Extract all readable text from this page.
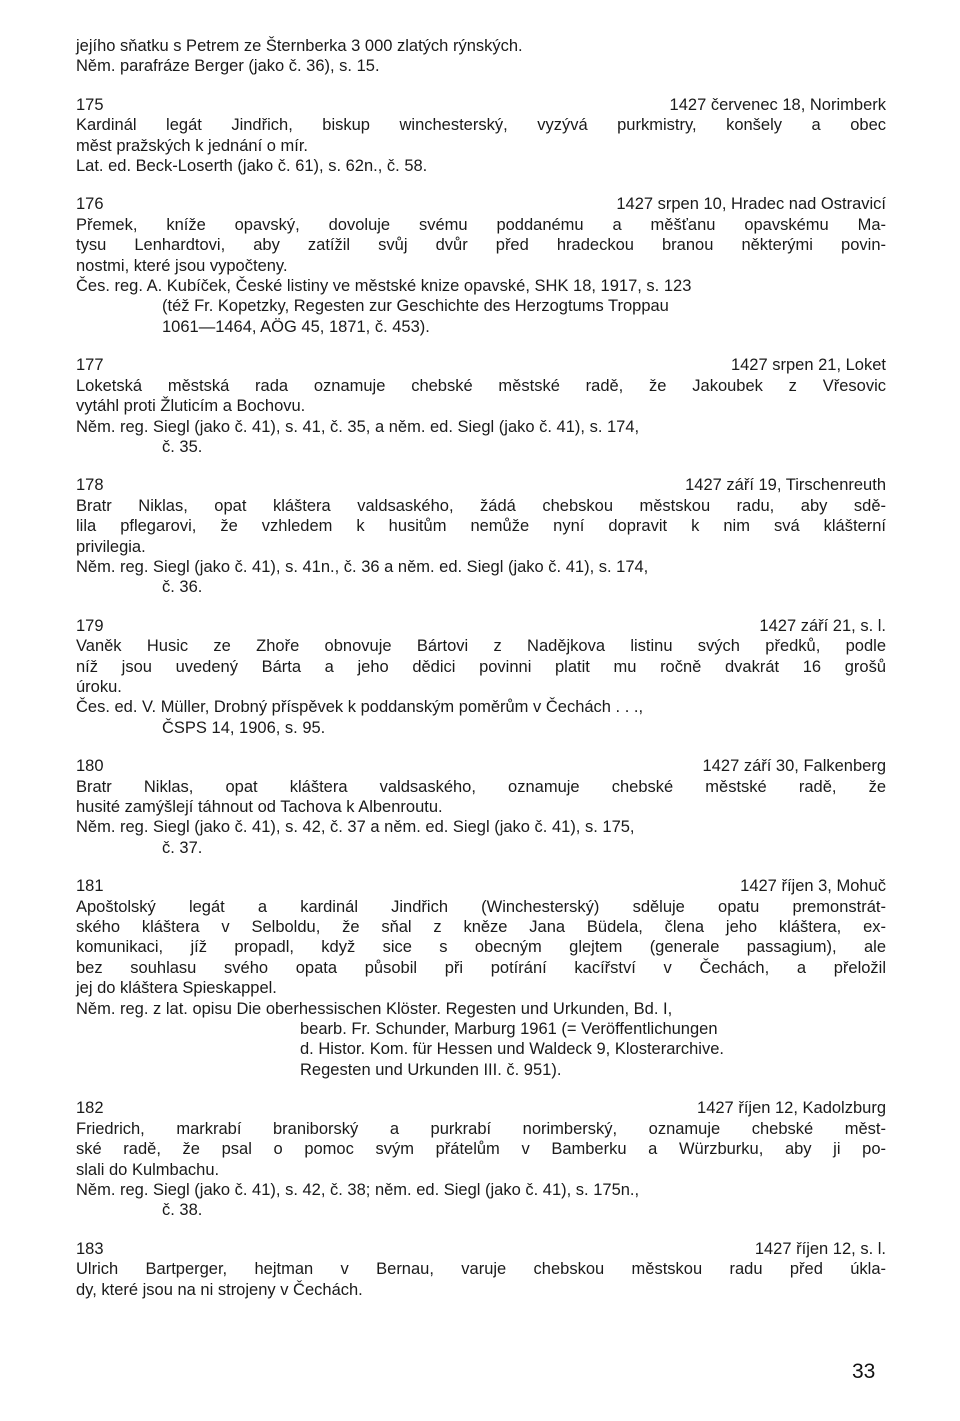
jejího sňatku s Petrem ze Šternberka 3 000 zlatých rýnských.
Něm. parafráze Berger (jako č. 36), s. 15.
175	1427 červenec 18, Norimberk
Kardinál legát Jindřich, biskup winchesterský, vyzývá purkmistry, konšely a obec
měst pražských k jednání o mír.
Lat. ed. Beck-Loserth (jako č. 61), s. 62n., č. 58.
176	1427 srpen 10, Hradec nad Ostravicí
Přemek, kníže opavský, dovoluje svému poddanému a měšťanu opavskému Ma-
tysu Lenhardtovi, aby zatížil svůj dvůr před hradeckou branou některými povin-
nostmi, které jsou vypočteny.
Čes. reg. A. Kubíček, České listiny ve městské knize opavské, SHK 18, 1917, s. 123
(též Fr. Kopetzky, Regesten zur Geschichte des Herzogtums Troppau
1061—1464, AÖG 45, 1871, č. 453).
177	1427 srpen 21, Loket
Loketská městská rada oznamuje chebské městské radě, že Jakoubek z Vřesovic
vytáhl proti Žluticím a Bochovu.
Něm. reg. Siegl (jako č. 41), s. 41, č. 35, a něm. ed. Siegl (jako č. 41), s. 174,
č. 35.
178	1427 září 19, Tirschenreuth
Bratr Niklas, opat kláštera valdsaského, žádá chebskou městskou radu, aby sdě-
lila pflegarovi, že vzhledem k husitům nemůže nyní dopravit k nim svá klášterní
privilegia.
Něm. reg. Siegl (jako č. 41), s. 41n., č. 36 a něm. ed. Siegl (jako č. 41), s. 174,
č. 36.
179	1427 září 21, s. l.
Vaněk Husic ze Zhoře obnovuje Bártovi z Nadějkova listinu svých předků, podle
níž jsou uvedený Bárta a jeho dědici povinni platit mu ročně dvakrát 16 grošů
úroku.
Čes. ed. V. Müller, Drobný příspěvek k poddanským poměrům v Čechách . . .,
ČSPS 14, 1906, s. 95.
180	1427 září 30, Falkenberg
Bratr Niklas, opat kláštera valdsaského, oznamuje chebské městské radě, že
husité zamýšlejí táhnout od Tachova k Albenroutu.
Něm. reg. Siegl (jako č. 41), s. 42, č. 37 a něm. ed. Siegl (jako č. 41), s. 175,
č. 37.
181	1427 říjen 3, Mohuč
Apoštolský legát a kardinál Jindřich (Winchesterský) sděluje opatu premonstrát-
ského kláštera v Selboldu, že sňal z kněze Jana Büdela, člena jeho kláštera, ex-
komunikaci, jíž propadl, když sice s obecným glejtem (generale passagium), ale
bez souhlasu svého opata působil při potírání kacířství v Čechách, a přeložil
jej do kláštera Spieskappel.
Něm. reg. z lat. opisu Die oberhessischen Klöster. Regesten und Urkunden, Bd. I,
bearb. Fr. Schunder, Marburg 1961 (= Veröffentlichungen
d. Histor. Kom. für Hessen und Waldeck 9, Klosterarchive.
Regesten und Urkunden III. č. 951).
182	1427 říjen 12, Kadolzburg
Friedrich, markrabí braniborský a purkrabí norimberský, oznamuje chebské měst-
ské radě, že psal o pomoc svým přátelům v Bamberku a Würzburku, aby ji po-
slali do Kulmbachu.
Něm. reg. Siegl (jako č. 41), s. 42, č. 38; něm. ed. Siegl (jako č. 41), s. 175n.,
č. 38.
183	1427 říjen 12, s. l.
Ulrich Bartperger, hejtman v Bernau, varuje chebskou městskou radu před úkla-
dy, které jsou na ni strojeny v Čechách.
33
